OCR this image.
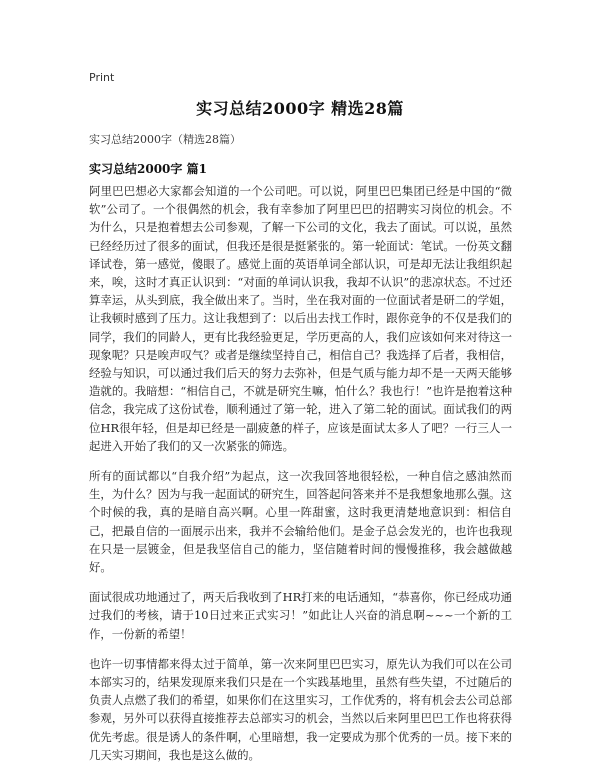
Print
实习总结2000字 精选28篇
实习总结2000字（精选28篇）
实习总结2000字 篇1

阿里巴巴想必大家都会知道的一个公司吧。可以说，阿里巴巴集团已经是中国的“微软”公司了。一个很偶然的机会，我有幸参加了阿里巴巴的招聘实习岗位的机会。不为什么，只是抱着想去公司参观，了解一下公司的文化，我去了面试。可以说，虽然已经经历过了很多的面试，但我还是很是挺紧张的。第一轮面试：笔试。一份英文翻译试卷，第一感觉，傻眼了。感觉上面的英语单词全部认识，可是却无法让我组织起来，唉，这时才真正认识到：“对面的单词认识我，我却不认识”的悲凉状态。不过还算幸运，从头到底，我全做出来了。当时，坐在我对面的一位面试者是研二的学姐，让我顿时感到了压力。这让我想到了：以后出去找工作时，跟你竞争的不仅是我们的同学，我们的同龄人，更有比我经验更足，学历更高的人，我们应该如何来对待这一现象呢？只是唉声叹气？或者是继续坚持自己，相信自己？我选择了后者，我相信，经验与知识，可以通过我们后天的努力去弥补，但是气质与能力却不是一天两天能够造就的。我暗想：“相信自己，不就是研究生嘛，怕什么？我也行！”也许是抱着这种信念，我完成了这份试卷，顺利通过了第一轮，进入了第二轮的面试。面试我们的两位HR很年轻，但是却已经是一副疲惫的样子，应该是面试太多人了吧？一行三人一起进入开始了我们的又一次紧张的筛选。

所有的面试都以“自我介绍”为起点，这一次我回答地很轻松，一种自信之感油然而生，为什么？因为与我一起面试的研究生，回答起问答来并不是我想象地那么强。这个时候的我，真的是暗自高兴啊。心里一阵甜蜜，这时我更清楚地意识到：相信自己，把最自信的一面展示出来，我并不会输给他们。是金子总会发光的，也许也我现在只是一层镀金，但是我坚信自己的能力，坚信随着时间的慢慢推移，我会越做越好。

面试很成功地通过了，两天后我收到了HR打来的电话通知，“恭喜你，你已经成功通过我们的考核，请于10日过来正式实习！”如此让人兴奋的消息啊~~~一个新的工作，一份新的希望！

也许一切事情都来得太过于简单，第一次来阿里巴巴实习，原先认为我们可以在公司本部实习的，结果发现原来我们只是在一个实践基地里，虽然有些失望，不过随后的负责人点燃了我们的希望，如果你们在这里实习，工作优秀的，将有机会去公司总部参观，另外可以获得直接推荐去总部实习的机会，当然以后来阿里巴巴工作也将获得优先考虑。很是诱人的条件啊，心里暗想，我一定要成为那个优秀的一员。接下来的几天实习期间，我也是这么做的。
